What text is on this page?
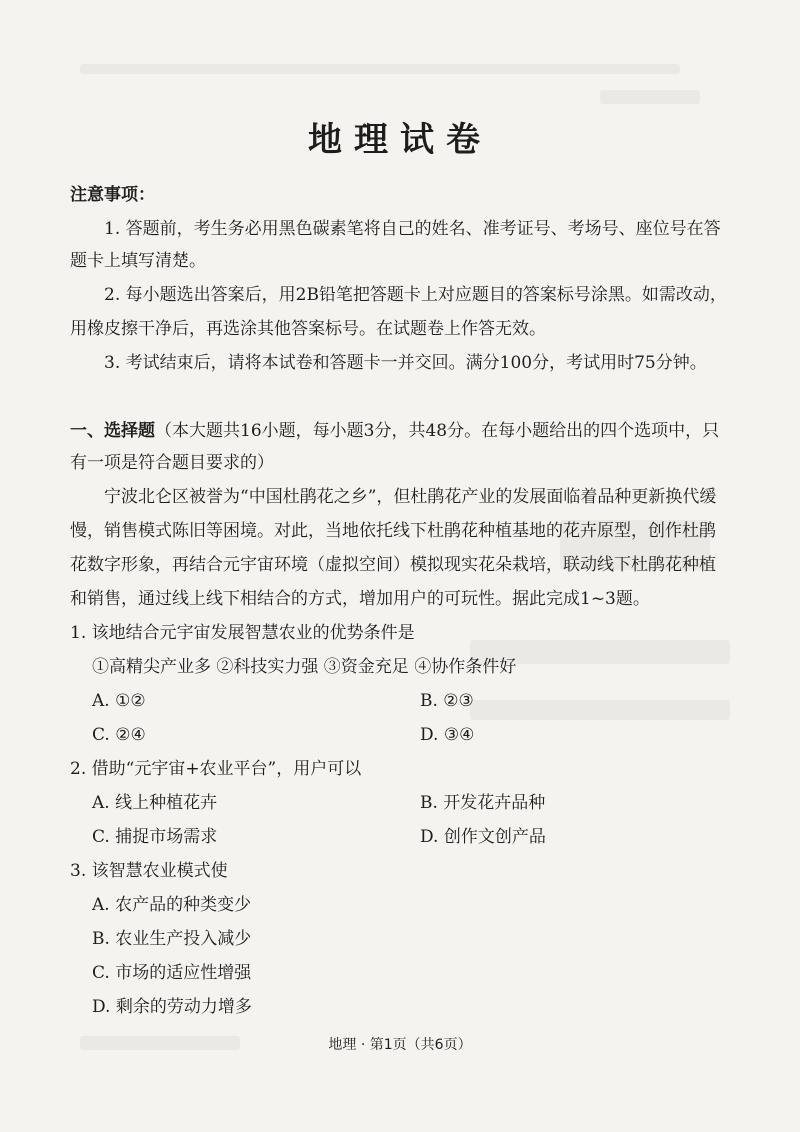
地理试卷
注意事项：
1. 答题前，考生务必用黑色碳素笔将自己的姓名、准考证号、考场号、座位号在答
题卡上填写清楚。
2. 每小题选出答案后，用2B铅笔把答题卡上对应题目的答案标号涂黑。如需改动，
用橡皮擦干净后，再选涂其他答案标号。在试题卷上作答无效。
3. 考试结束后，请将本试卷和答题卡一并交回。满分100分，考试用时75分钟。
一、选择题（本大题共16小题，每小题3分，共48分。在每小题给出的四个选项中，只
有一项是符合题目要求的）
宁波北仑区被誉为“中国杜鹃花之乡”，但杜鹃花产业的发展面临着品种更新换代缓
慢，销售模式陈旧等困境。对此，当地依托线下杜鹃花种植基地的花卉原型，创作杜鹃
花数字形象，再结合元宇宙环境（虚拟空间）模拟现实花朵栽培，联动线下杜鹃花种植
和销售，通过线上线下相结合的方式，增加用户的可玩性。据此完成1~3题。
1. 该地结合元宇宙发展智慧农业的优势条件是
①高精尖产业多 ②科技实力强 ③资金充足 ④协作条件好
A. ①②	B. ②③
C. ②④	D. ③④
2. 借助“元宇宙+农业平台”，用户可以
A. 线上种植花卉	B. 开发花卉品种
C. 捕捉市场需求	D. 创作文创产品
3. 该智慧农业模式使
A. 农产品的种类变少
B. 农业生产投入减少
C. 市场的适应性增强
D. 剩余的劳动力增多
地理 · 第1页（共6页）
